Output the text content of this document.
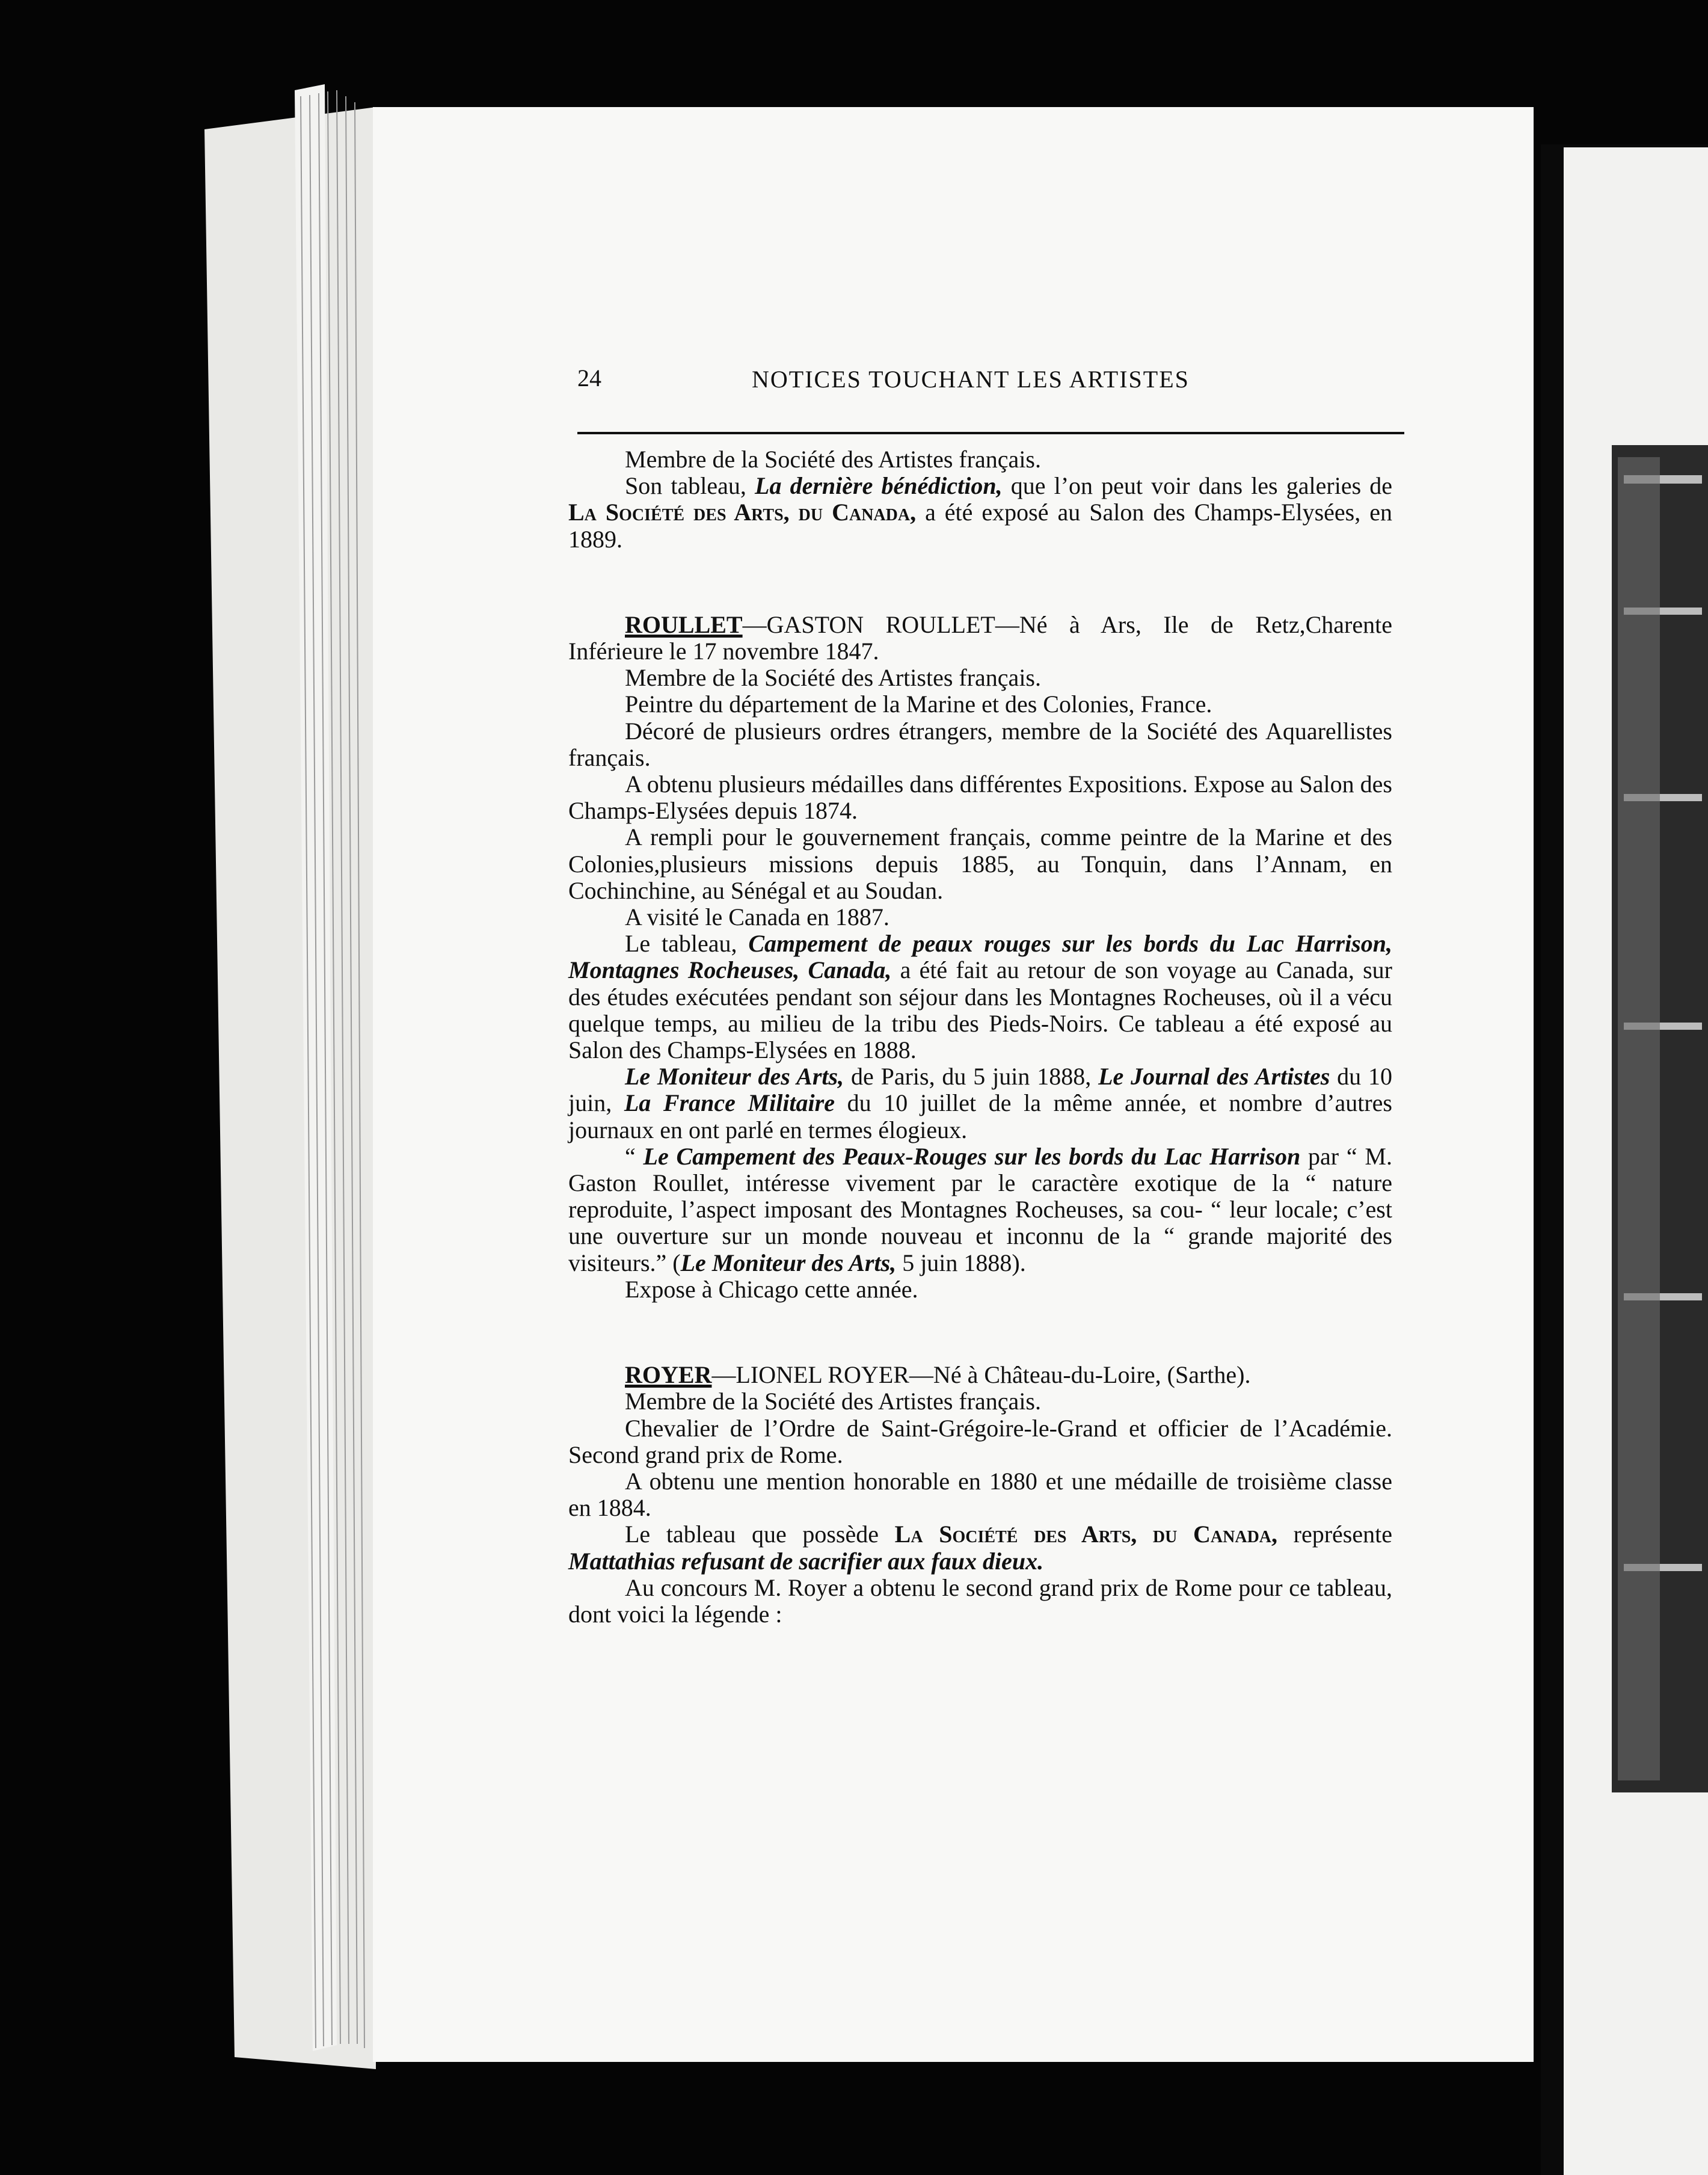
24	NOTICES TOUCHANT LES ARTISTES

Membre de la Société des Artistes français.

Son tableau, La dernière bénédiction, que l’on peut voir dans les galeries de La Société des Arts, du Canada, a été exposé au Salon des Champs-Elysées, en 1889.

ROULLET—GASTON ROULLET—Né à Ars, Ile de Retz,Charente Inférieure le 17 novembre 1847.

Membre de la Société des Artistes français.

Peintre du département de la Marine et des Colonies, France.

Décoré de plusieurs ordres étrangers, membre de la Société des Aquarellistes français.

A obtenu plusieurs médailles dans différentes Expositions. Expose au Salon des Champs-Elysées depuis 1874.

A rempli pour le gouvernement français, comme peintre de la Marine et des Colonies,plusieurs missions depuis 1885, au Tonquin, dans l’Annam, en Cochinchine, au Sénégal et au Soudan.

A visité le Canada en 1887.

Le tableau, Campement de peaux rouges sur les bords du Lac Harrison, Montagnes Rocheuses, Canada, a été fait au retour de son voyage au Canada, sur des études exécutées pendant son séjour dans les Montagnes Rocheuses, où il a vécu quelque temps, au milieu de la tribu des Pieds-Noirs. Ce tableau a été exposé au Salon des Champs-Elysées en 1888.

Le Moniteur des Arts, de Paris, du 5 juin 1888, Le Journal des Artistes du 10 juin, La France Militaire du 10 juillet de la même année, et nombre d’autres journaux en ont parlé en termes élogieux.

“ Le Campement des Peaux-Rouges sur les bords du Lac Harrison par “ M. Gaston Roullet, intéresse vivement par le caractère exotique de la “ nature reproduite, l’aspect imposant des Montagnes Rocheuses, sa cou- “ leur locale; c’est une ouverture sur un monde nouveau et inconnu de la “ grande majorité des visiteurs.” (Le Moniteur des Arts, 5 juin 1888).

Expose à Chicago cette année.

ROYER—LIONEL ROYER—Né à Château-du-Loire, (Sarthe).

Membre de la Société des Artistes français.

Chevalier de l’Ordre de Saint-Grégoire-le-Grand et officier de l’Académie. Second grand prix de Rome.

A obtenu une mention honorable en 1880 et une médaille de troisième classe en 1884.

Le tableau que possède La Société des Arts, du Canada, représente Mattathias refusant de sacrifier aux faux dieux.

Au concours M. Royer a obtenu le second grand prix de Rome pour ce tableau, dont voici la légende :
